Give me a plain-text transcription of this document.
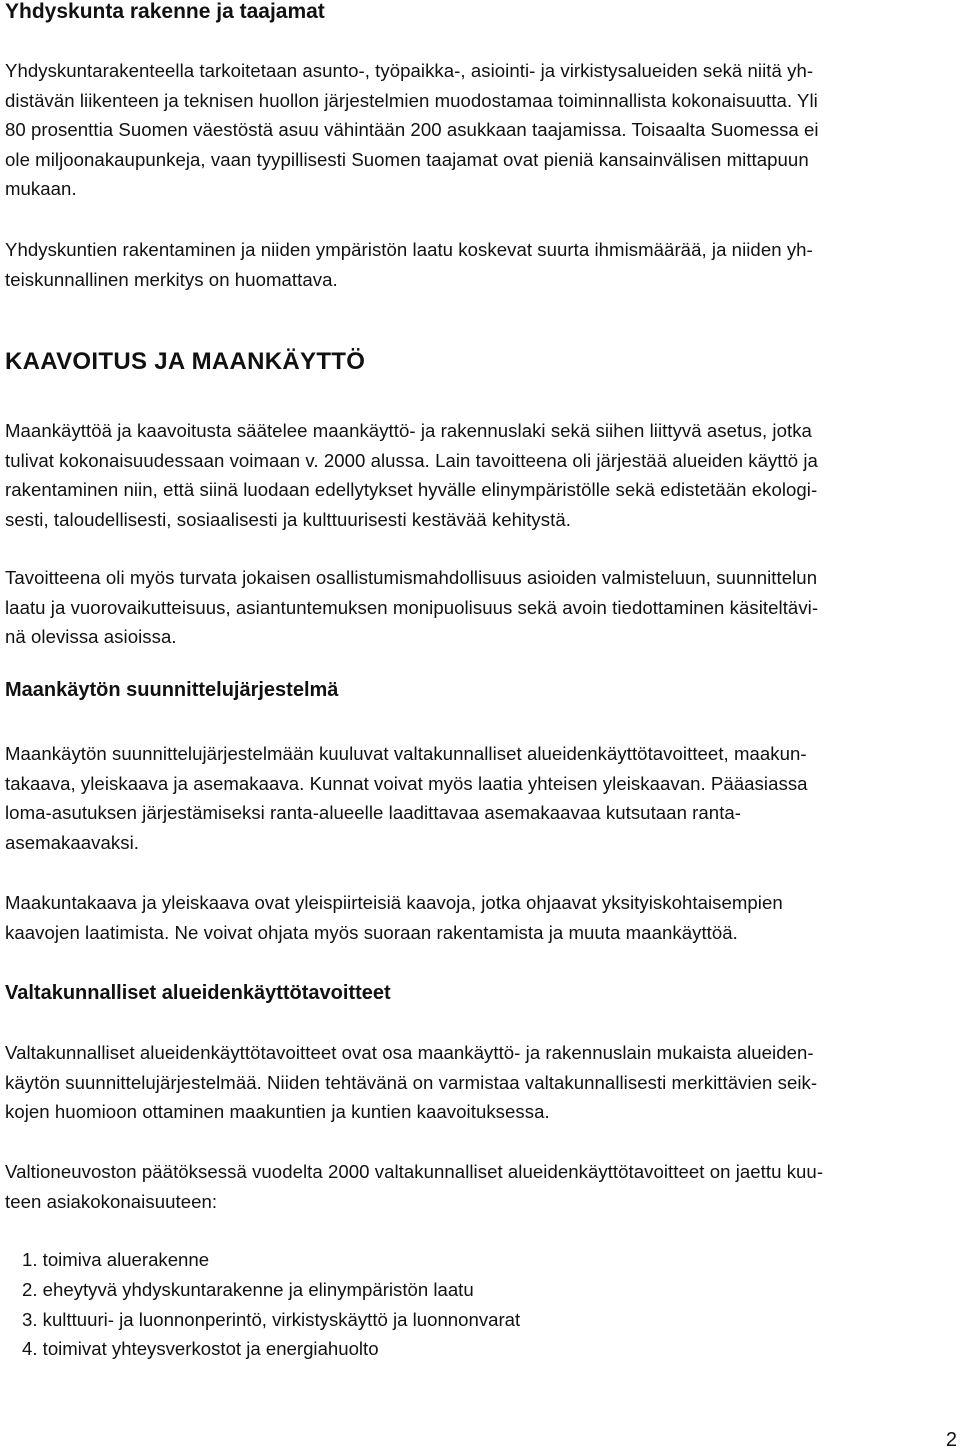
Yhdyskunta rakenne ja taajamat
Yhdyskuntarakenteella tarkoitetaan asunto-, työpaikka-, asiointi- ja virkistysalueiden sekä niitä yh-
distävän liikenteen ja teknisen huollon järjestelmien muodostamaa toiminnallista kokonaisuutta. Yli
80 prosenttia Suomen väestöstä asuu vähintään 200 asukkaan taajamissa. Toisaalta Suomessa ei
ole miljoonakaupunkeja, vaan tyypillisesti Suomen taajamat ovat pieniä kansainvälisen mittapuun
mukaan.
Yhdyskuntien rakentaminen ja niiden ympäristön laatu koskevat suurta ihmismäärää, ja niiden yh-
teiskunnallinen merkitys on huomattava.
KAAVOITUS JA MAANKÄYTTÖ
Maankäyttöä ja kaavoitusta säätelee maankäyttö- ja rakennuslaki sekä siihen liittyvä asetus, jotka
tulivat kokonaisuudessaan voimaan v. 2000 alussa. Lain tavoitteena oli järjestää alueiden käyttö ja
rakentaminen niin, että siinä luodaan edellytykset hyvälle elinympäristölle sekä edistetään ekologi-
sesti, taloudellisesti, sosiaalisesti ja kulttuurisesti kestävää kehitystä.
Tavoitteena oli myös turvata jokaisen osallistumismahdollisuus asioiden valmisteluun, suunnittelun
laatu ja vuorovaikutteisuus, asiantuntemuksen monipuolisuus sekä avoin tiedottaminen käsiteltävi-
nä olevissa asioissa.
Maankäytön suunnittelujärjestelmä
Maankäytön suunnittelujärjestelmään kuuluvat valtakunnalliset alueidenkäyttötavoitteet, maakun-
takaava, yleiskaava ja asemakaava. Kunnat voivat myös laatia yhteisen yleiskaavan. Pääasiassa
loma-asutuksen järjestämiseksi ranta-alueelle laadittavaa asemakaavaa kutsutaan ranta-
asemakaavaksi.
Maakuntakaava ja yleiskaava ovat yleispiirteisiä kaavoja, jotka ohjaavat yksityiskohtaisempien
kaavojen laatimista. Ne voivat ohjata myös suoraan rakentamista ja muuta maankäyttöä.
Valtakunnalliset alueidenkäyttötavoitteet
Valtakunnalliset alueidenkäyttötavoitteet ovat osa maankäyttö- ja rakennuslain mukaista alueiden-
käytön suunnittelujärjestelmää. Niiden tehtävänä on varmistaa valtakunnallisesti merkittävien seik-
kojen huomioon ottaminen maakuntien ja kuntien kaavoituksessa.
Valtioneuvoston päätöksessä vuodelta 2000 valtakunnalliset alueidenkäyttötavoitteet on jaettu kuu-
teen asiakokonaisuuteen:
1. toimiva aluerakenne
2. eheytyvä yhdyskuntarakenne ja elinympäristön laatu
3. kulttuuri- ja luonnonperintö, virkistyskäyttö ja luonnonvarat
4. toimivat yhteysverkostot ja energiahuolto
2
